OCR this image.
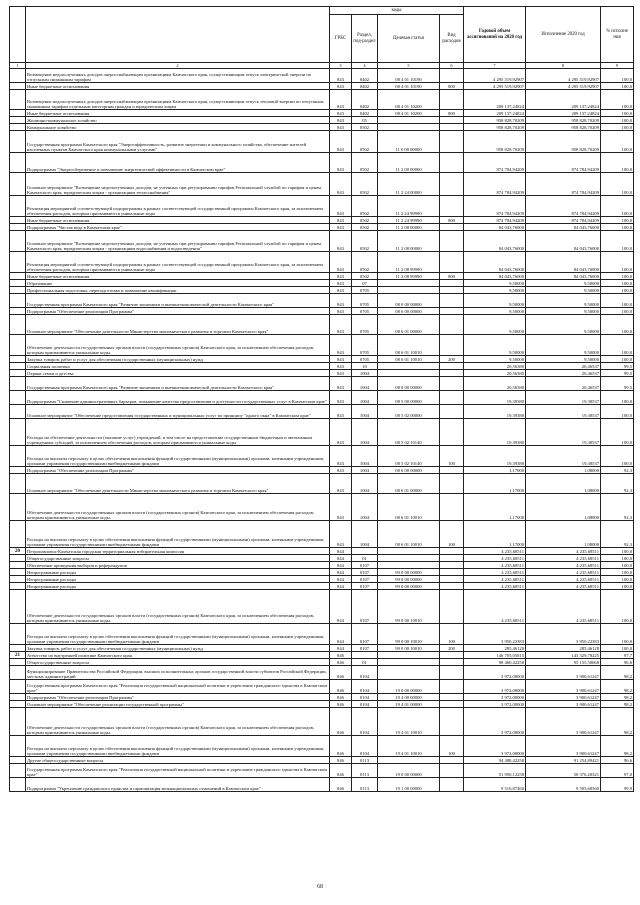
		коды				Годовой объем ассигнований на 2020 год	Исполнение 2020 год	% исполне ния
		ГРБС	Раздел, под-раздел	Целевая статья	Вид расходов			
1	2	3	4	5	6	7	8	9
	Возмещение недополученных доходов энергоснабжающим организациям Камчатского края, осуществляющим отпуск электрической энергии по отпускным снижанным тарифам	843	0402	08 4 01 10190		4 295 519,92907	4 295 519,92907	100,0
	Иные бюджетные ассигнования	843	0402	08 4 01 10190	800	4 295 519,92907	4 295 519,92907	100,0
	Возмещение недополученных доходов энергоснабжающим организациям Камчатского края, осуществляющим отпуск тепловой энергии по отпускным снижанным тарифам отдельным категориям граждан и юридическим лицам	843	0402	08 4 01 10200		209 137,24824	209 137,24824	100,0
	Иные бюджетные ассигнования	843	0402	08 4 01 10200	800	209 137,24824	209 137,24824	100,0
	Жилищно-коммунальное хозяйство	843	05			958 828,70209	958 828,70209	100,0
	Коммунальное хозяйство	843	0502			958 828,70209	958 828,70209	100,0
	Государственная программа Камчатского края "Энергоэффективность, развитие энергетики и коммунального хозяйства, обеспечение жителей населенных пунктов Камчатского края коммунальными услугами"	843	0502	11 0 00 00000		958 828,70209	958 828,70209	100,0
	Подпрограмма "Энергосбережение и повышение энергетической эффективности в Камчатском крае"	843	0502	11 2 00 00000		874 784,94209	874 784,94209	100,0
	Основное мероприятие "Возмещение недополученных доходов, не учтенных при регулировании тарифов Региональной службой по тарифам и ценам Камчатского края, юридическим лицам - организациям теплоснабжения"	843	0502	11 2 24 00000		874 784,94209	874 784,94209	100,0
	Реализация мероприятий соответствующей подпрограммы в рамках соответствующей государственной программы Камчатского края, за исключением обеспечения расходов, которым присваиваются уникальные коды	843	0502	11 2 24 99990		874 784,94209	874 784,94209	100,0
	Иные бюджетные ассигнования	843	0502	11 2 24 99990	800	874 784,94209	874 784,94209	100,0
	Подпрограмма "Чистая вода в Камчатском крае"	843	0502	11 2 08 00000		84 043,76000	84 043,76000	100,0
	Основное мероприятие "Возмещение недополученных доходов, не учтенных при регулировании тарифов Региональной службой по тарифам и ценам Камчатского края, юридическим лицам - организациям водоснабжения и водоотведения"	843	0502	11 2 08 00000		84 043,76000	84 043,76000	100,0
	Реализация мероприятий соответствующей подпрограммы в рамках соответствующей государственной программы Камчатского края, за исключением обеспечения расходов, которым присваиваются уникальные коды	843	0502	11 2 08 99990		84 043,76000	84 043,76000	100,0
	Иные бюджетные ассигнования	843	0502	11 2 08 99990	800	84 043,76000	84 043,76000	100,0
	Образование	843	07			9,50000	9,50000	100,0
	Профессиональная подготовка, переподготовка и повышение квалификации	843	0705			9,50000	9,50000	100,0
	Государственная программа Камчатского края "Развитие экономики и внешнеэкономической деятельности Камчатского края"	843	0705	08 0 00 00000		9,50000	9,50000	100,0
	Подпрограмма "Обеспечение реализации Программы"	843	0705	08 6 00 00000		9,50000	9,50000	100,0
	Основное мероприятие "Обеспечение деятельности Министерства экономического развития и торговли Камчатского края"	843	0705	08 6 01 00000		9,50000	9,50000	100,0
	Обеспечение деятельности государственных органов власти (государственных органов) Камчатского края, за исключением обеспечения расходов, которым присваиваются уникальные коды.	843	0705	08 6 01 10010		9,50000	9,50000	100,0
	Закупка товаров, работ и услуг для обеспечения государственных (муниципальных) нужд	843	0705	08 6 01 10010	200	9,50000	9,50000	100,0
	Социальная политика	843	10			20,56380	20,46537	99,5
	Охрана семьи и детства	843	1004			20,56380	20,46537	99,5
	Государственная программа Камчатского края "Развитие экономики и внешнеэкономической деятельности Камчатского края"	843	1004	08 0 00 00000		20,56380	20,46537	99,5
	Подпрограмма "Снижение административных барьеров, повышение качества предоставления и доступности государственных услуг в Камчатском крае"	843	1004	08 5 00 00000		19,39380	19,38537	100,0
	Основное мероприятие "Обеспечение предоставления государственных и муниципальных услуг по принципу "одного окна" в Камчатском крае"	843	1004	08 5 02 00000		19,39380	19,38537	100,0
	Расходы на обеспечение деятельности (оказание услуг) учреждений, в том числе на предоставление государственным бюджетным и автономным учреждениям субсидий, за исключением обеспечения расходов, которым присваиваются уникальные коды	843	1004	08 5 02 10140		19,39380	19,38537	100,0
	Расходы на выплаты персоналу в целях обеспечения выполнения функций государственными (муниципальными) органами, казенными учреждениями, органами управления государственными внебюджетными фондами	843	1004	08 5 02 10140	100	19,39380	19,38537	100,0
	Подпрограмма "Обеспечение реализации Программы"	843	1004	08 6 00 00000		1,17000	1,08000	92,3
	Основное мероприятие "Обеспечение деятельности Министерства экономического развития и торговли Камчатского края"	843	1004	08 6 01 00000		1,17000	1,08000	92,3
	Обеспечение деятельности государственных органов власти (государственных органов) Камчатского края, за исключением обеспечения расходов, которым присваиваются уникальные коды.	843	1004	08 6 01 10010		1,17000	1,08000	92,3
	Расходы на выплаты персоналу в целях обеспечения выполнения функций государственными (муниципальными) органами, казенными учреждениями, органами управления государственными внебюджетными фондами	843	1004	08 6 01 10010	100	1,17000	1,08000	92,3
20	Петропавловск-Камчатская городская территориальная избирательная комиссия	844				4 235,68511	4 235,68511	100,0
	Общегосударственные вопросы	844	01			4 235,68511	4 235,68511	100,0
	Обеспечение проведения выборов и референдумов	844	0107			4 235,68511	4 235,68511	100,0
	Непрограммные расходы	844	0107	99 0 00 00000		4 235,68511	4 235,68511	100,0
	Непрограммные расходы	844	0107	99 0 00 00000		4 235,68511	4 235,68511	100,0
	Непрограммные расходы	844	0107	99 0 00 00000		4 235,68511	4 235,68511	100,0
	Обеспечение деятельности государственных органов власти (государственных органов) Камчатского края, за исключением обеспечения расходов, которым присваиваются уникальные коды.	844	0107	99 0 00 10010		4 235,68511	4 235,68511	100,0
	Расходы на выплаты персоналу в целях обеспечения выполнения функций государственными (муниципальными) органами, казенными учреждениями, органами управления государственными внебюджетными фондами	844	0107	99 0 00 10010	100	3 950,22383	3 950,22383	100,0
	Закупка товаров, работ и услуг для обеспечения государственных (муниципальных) нужд	844	0107	99 0 00 10010	200	285,46128	285,46128	100,0
21	Агентство по внутренней политике Камчатского края	846				146 705,05815	143 329,78225	97,7
	Общегосударственные вопросы	846	01			98 460,42258	95 155,50668	96,6
	Функционирование Правительства Российской Федерации, высших исполнительных органов государственной власти субъектов Российской Федерации, местных администраций	846	0104			3 972,00000	3 900,61247	98,2
	Государственная программа Камчатского края "Реализация государственной национальной политики и укрепление гражданского единства в Камчатском крае"	846	0104	19 0 00 00000		3 972,00000	3 900,61247	98,2
	Подпрограмма "Обеспечение реализации Программы"	846	0104	19 4 00 00000		3 972,00000	3 900,61247	98,2
	Основное мероприятие "Обеспечение реализации государственной программы"	846	0104	19 4 01 00000		3 972,00000	3 900,61247	98,2
	Обеспечение деятельности государственных органов власти (государственных органов) Камчатского края, за исключением обеспечения расходов, которым присваиваются уникальные коды.	846	0104	19 4 01 10010		3 972,00000	3 900,61247	98,2
	Расходы на выплаты персоналу в целях обеспечения выполнения функций государственными (муниципальными) органами, казенными учреждениями, органами управления государственными внебюджетными фондами	846	0104	19 4 01 10010	100	3 972,00000	3 900,61247	98,2
	Другие общегосударственные вопросы	846	0113			94 488,42258	91 254,89421	96,6
	Государственная программа Камчатского края "Реализация государственной национальной политики и укрепление гражданского единства в Камчатском крае"	846	0113	19 0 00 00000		51 950,12258	50 376,20321	97,0
	Подпрограмма "Укрепление гражданского единства и гармонизация межнациональных отношений в Камчатском крае"	846	0113	19 1 00 00000		9 516,87460	9 505,68560	99,9
68
